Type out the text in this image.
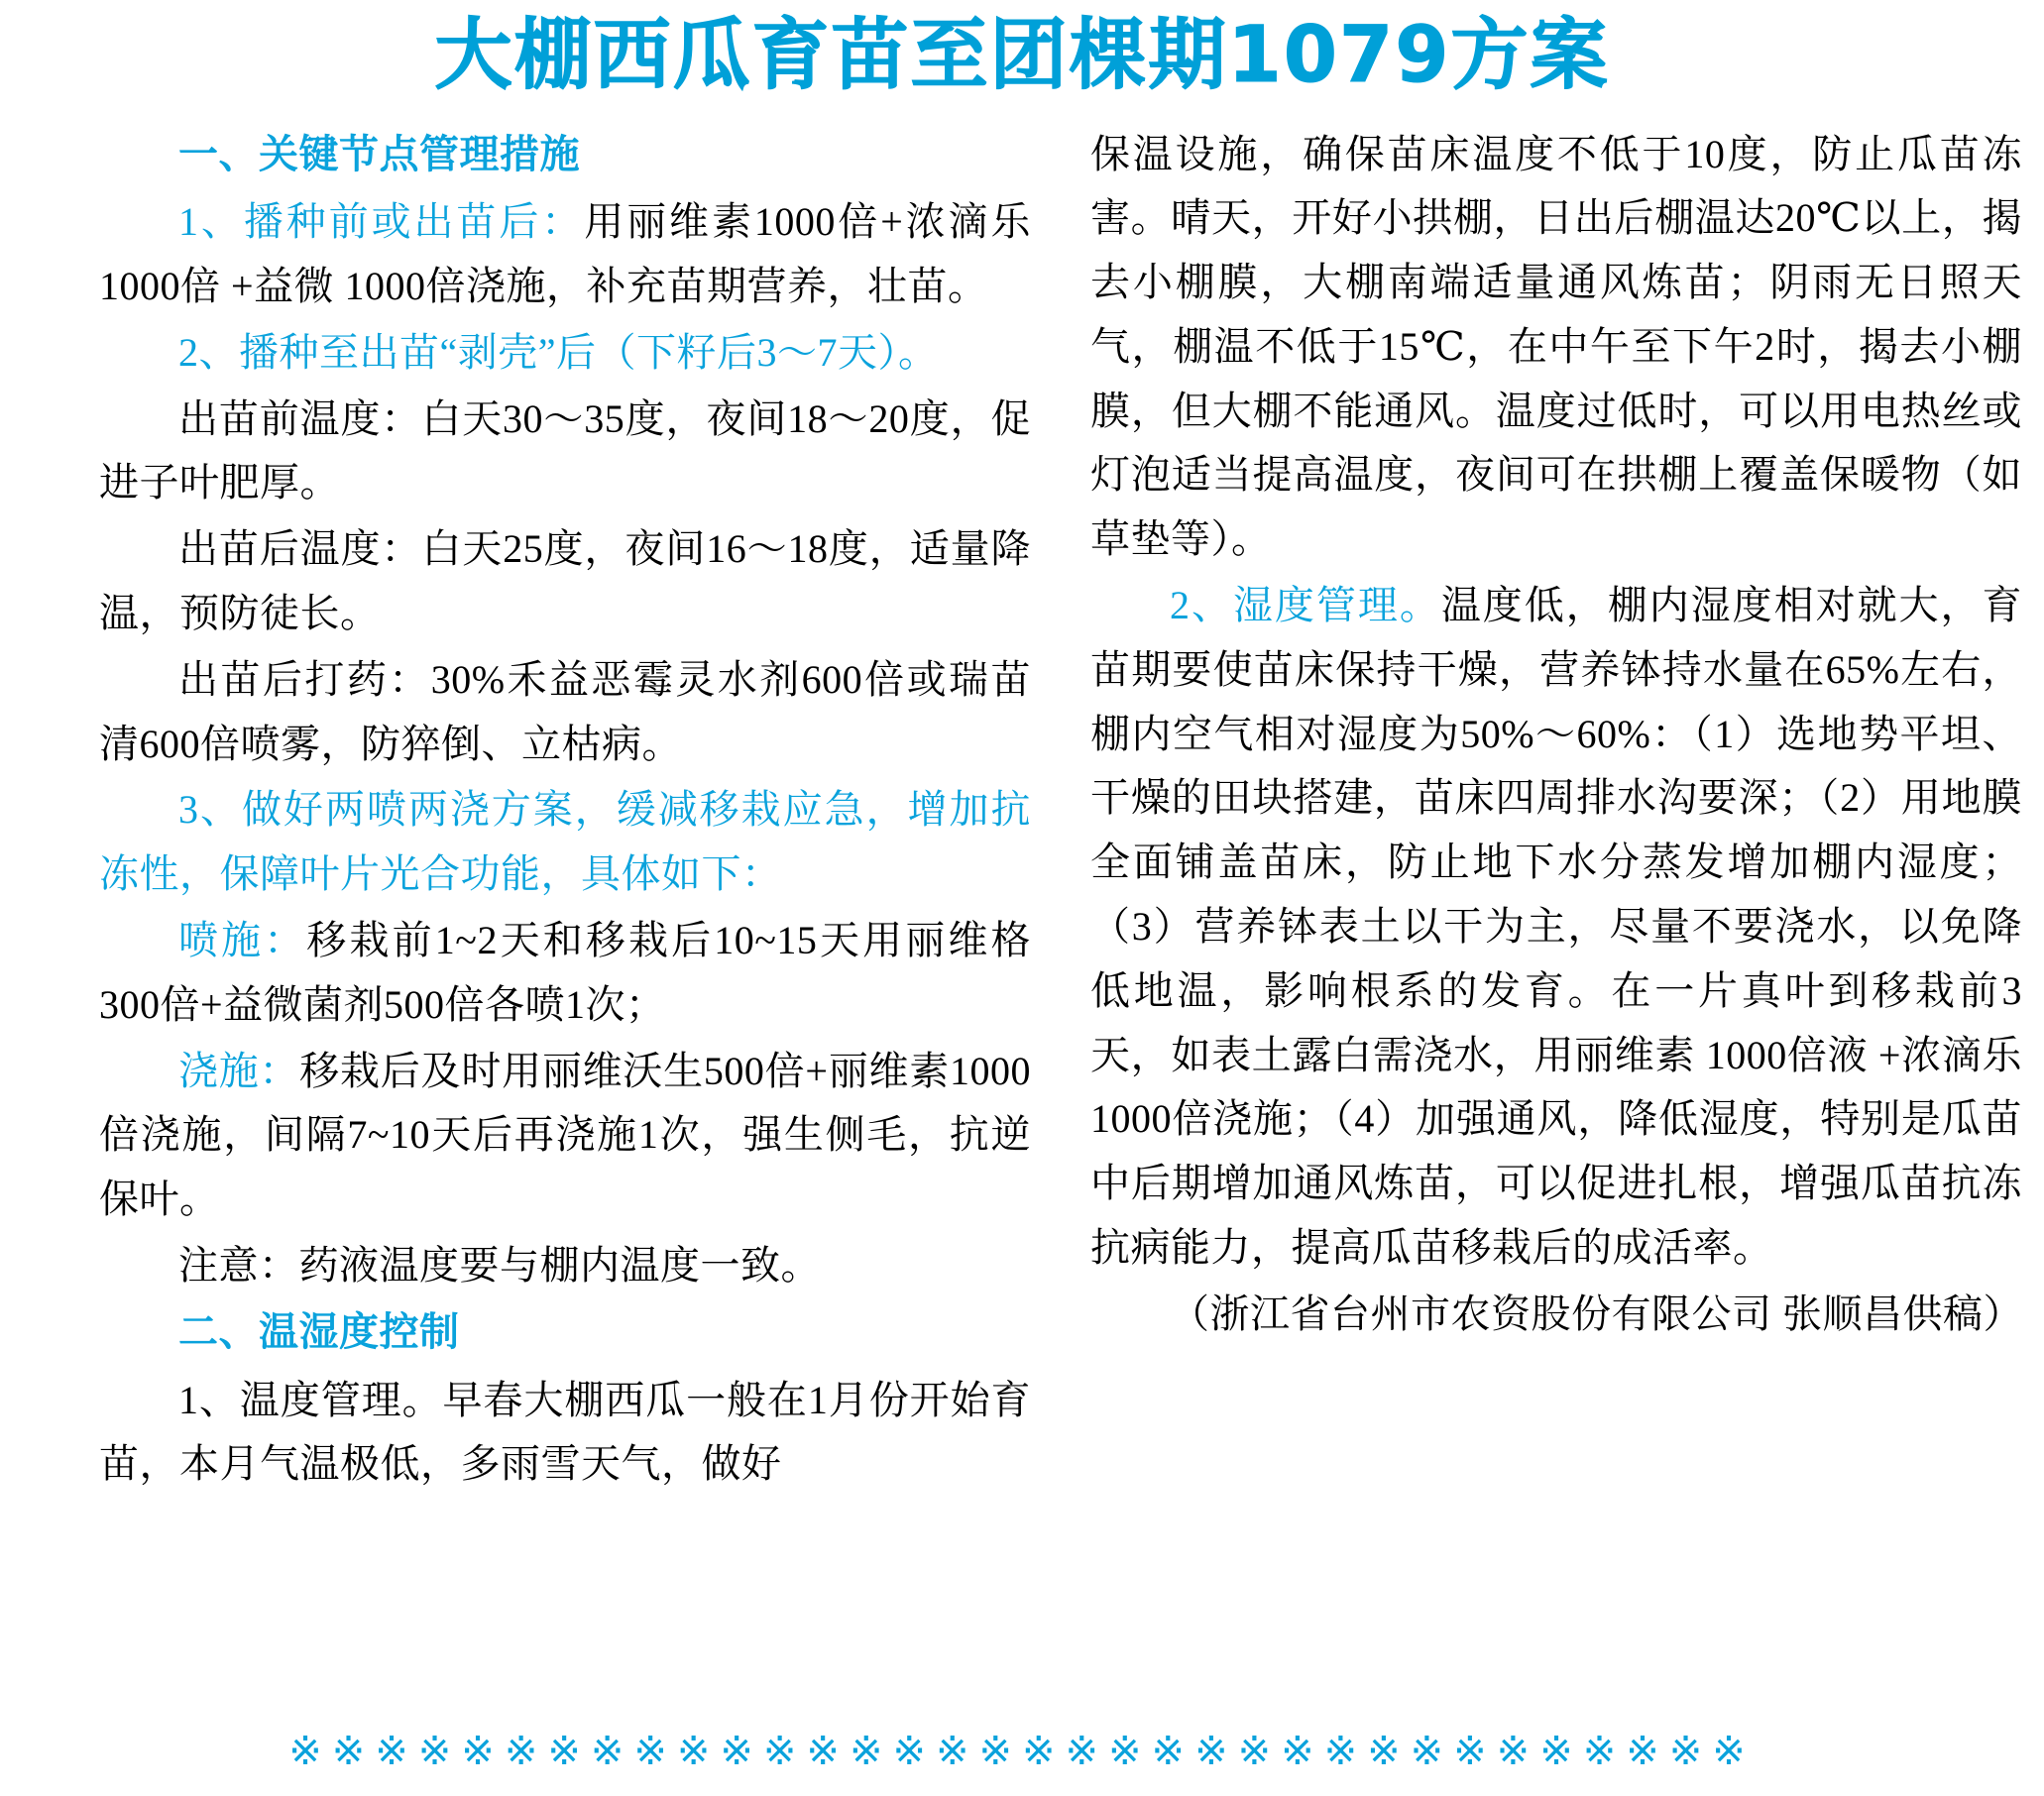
大棚西瓜育苗至团棵期1079方案

一、关键节点管理措施

1、播种前或出苗后：用丽维素1000倍+浓滴乐 1000倍 +益微 1000倍浇施，补充苗期营养，壮苗。

2、播种至出苗“剥壳”后（下籽后3～7天）。

出苗前温度：白天30～35度，夜间18～20度，促进子叶肥厚。

出苗后温度：白天25度，夜间16～18度，适量降温，预防徒长。

出苗后打药：30%禾益恶霉灵水剂600倍或瑞苗清600倍喷雾，防猝倒、立枯病。

3、做好两喷两浇方案，缓减移栽应急，增加抗冻性，保障叶片光合功能，具体如下：

喷施：移栽前1~2天和移栽后10~15天用丽维格300倍+益微菌剂500倍各喷1次；

浇施：移栽后及时用丽维沃生500倍+丽维素1000倍浇施，间隔7~10天后再浇施1次，强生侧毛，抗逆保叶。

注意：药液温度要与棚内温度一致。

二、温湿度控制

1、温度管理。早春大棚西瓜一般在1月份开始育苗，本月气温极低，多雨雪天气，做好

保温设施，确保苗床温度不低于10度，防止瓜苗冻害。晴天，开好小拱棚，日出后棚温达20℃以上，揭去小棚膜，大棚南端适量通风炼苗；阴雨无日照天气，棚温不低于15℃，在中午至下午2时，揭去小棚膜，但大棚不能通风。温度过低时，可以用电热丝或灯泡适当提高温度，夜间可在拱棚上覆盖保暖物（如草垫等）。

2、湿度管理。温度低，棚内湿度相对就大，育苗期要使苗床保持干燥，营养钵持水量在65%左右，棚内空气相对湿度为50%～60%：（1）选地势平坦、干燥的田块搭建，苗床四周排水沟要深；（2）用地膜全面铺盖苗床，防止地下水分蒸发增加棚内湿度；（3）营养钵表土以干为主，尽量不要浇水，以免降低地温，影响根系的发育。在一片真叶到移栽前3天，如表土露白需浇水，用丽维素 1000倍液 +浓滴乐 1000倍浇施；（4）加强通风，降低湿度，特别是瓜苗中后期增加通风炼苗，可以促进扎根，增强瓜苗抗冻抗病能力，提高瓜苗移栽后的成活率。

（浙江省台州市农资股份有限公司 张顺昌供稿）

※※※※※※※※※※※※※※※※※※※※※※※※※※※※※※※※※※
